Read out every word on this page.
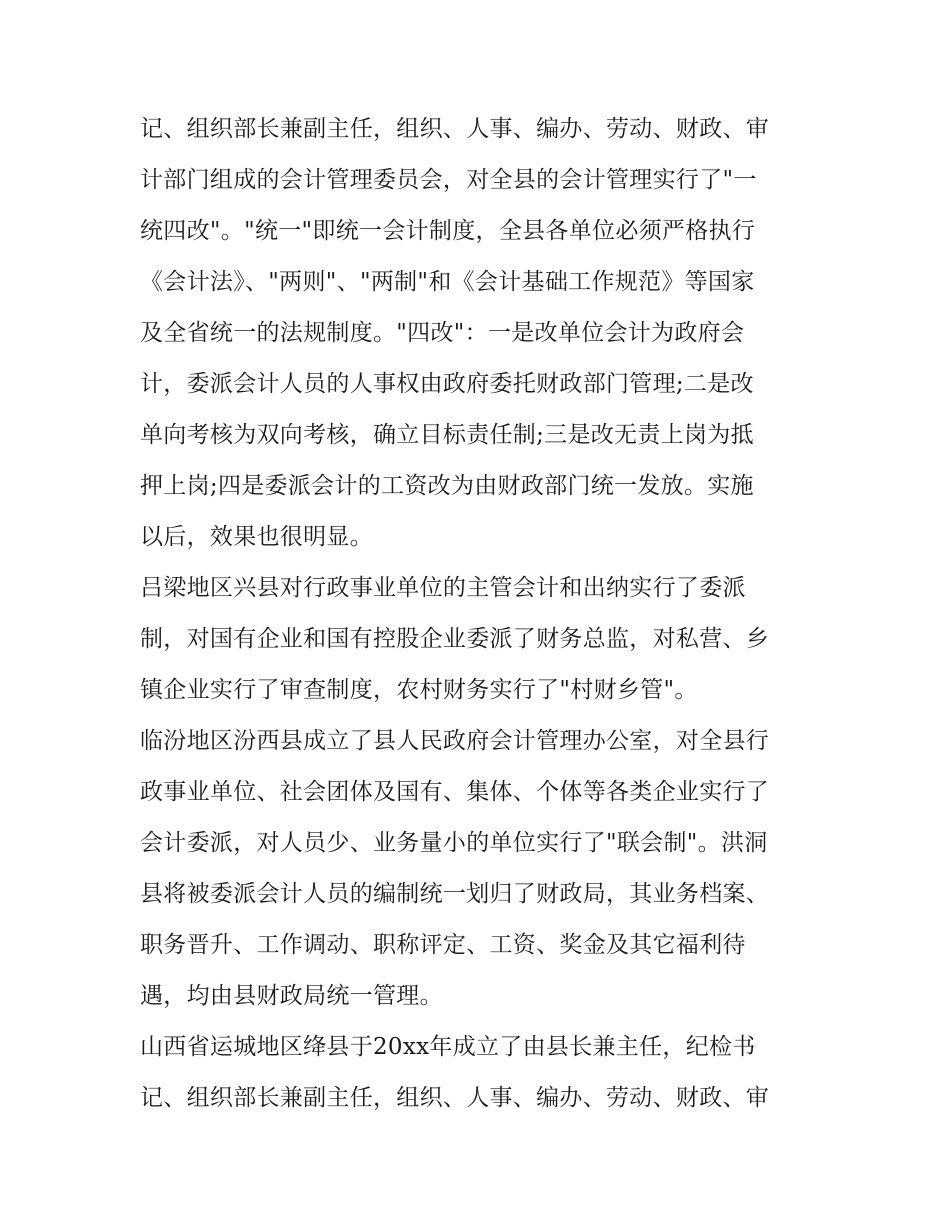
记、组织部长兼副主任，组织、人事、编办、劳动、财政、审
计部门组成的会计管理委员会，对全县的会计管理实行了"一
统四改"。"统一"即统一会计制度，全县各单位必须严格执行
《会计法》、"两则"、"两制"和《会计基础工作规范》等国家
及全省统一的法规制度。"四改"：一是改单位会计为政府会
计，委派会计人员的人事权由政府委托财政部门管理;二是改
单向考核为双向考核，确立目标责任制;三是改无责上岗为抵
押上岗;四是委派会计的工资改为由财政部门统一发放。实施
以后，效果也很明显。
吕梁地区兴县对行政事业单位的主管会计和出纳实行了委派
制，对国有企业和国有控股企业委派了财务总监，对私营、乡
镇企业实行了审查制度，农村财务实行了"村财乡管"。
临汾地区汾西县成立了县人民政府会计管理办公室，对全县行
政事业单位、社会团体及国有、集体、个体等各类企业实行了
会计委派，对人员少、业务量小的单位实行了"联会制"。洪洞
县将被委派会计人员的编制统一划归了财政局，其业务档案、
职务晋升、工作调动、职称评定、工资、奖金及其它福利待
遇，均由县财政局统一管理。
山西省运城地区绛县于20xx年成立了由县长兼主任，纪检书
记、组织部长兼副主任，组织、人事、编办、劳动、财政、审
